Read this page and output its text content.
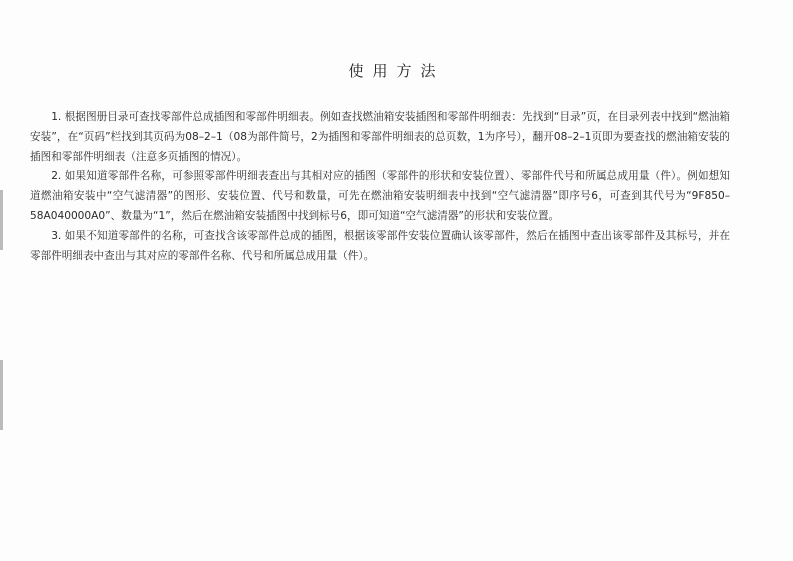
使用方法

1. 根据图册目录可查找零部件总成插图和零部件明细表。例如查找燃油箱安装插图和零部件明细表：先找到“目录”页，在目录列表中找到“燃油箱安装”，在“页码”栏找到其页码为08–2–1（08为部件简号，2为插图和零部件明细表的总页数，1为序号），翻开08–2–1页即为要查找的燃油箱安装的插图和零部件明细表（注意多页插图的情况）。

2. 如果知道零部件名称，可参照零部件明细表查出与其相对应的插图（零部件的形状和安装位置）、零部件代号和所属总成用量（件）。例如想知道燃油箱安装中“空气滤清器”的图形、安装位置、代号和数量，可先在燃油箱安装明细表中找到“空气滤清器”即序号6，可查到其代号为“9F850–58A040000A0”、数量为“1”，然后在燃油箱安装插图中找到标号6，即可知道“空气滤清器”的形状和安装位置。

3. 如果不知道零部件的名称，可查找含该零部件总成的插图，根据该零部件安装位置确认该零部件，然后在插图中查出该零部件及其标号，并在零部件明细表中查出与其对应的零部件名称、代号和所属总成用量（件）。
